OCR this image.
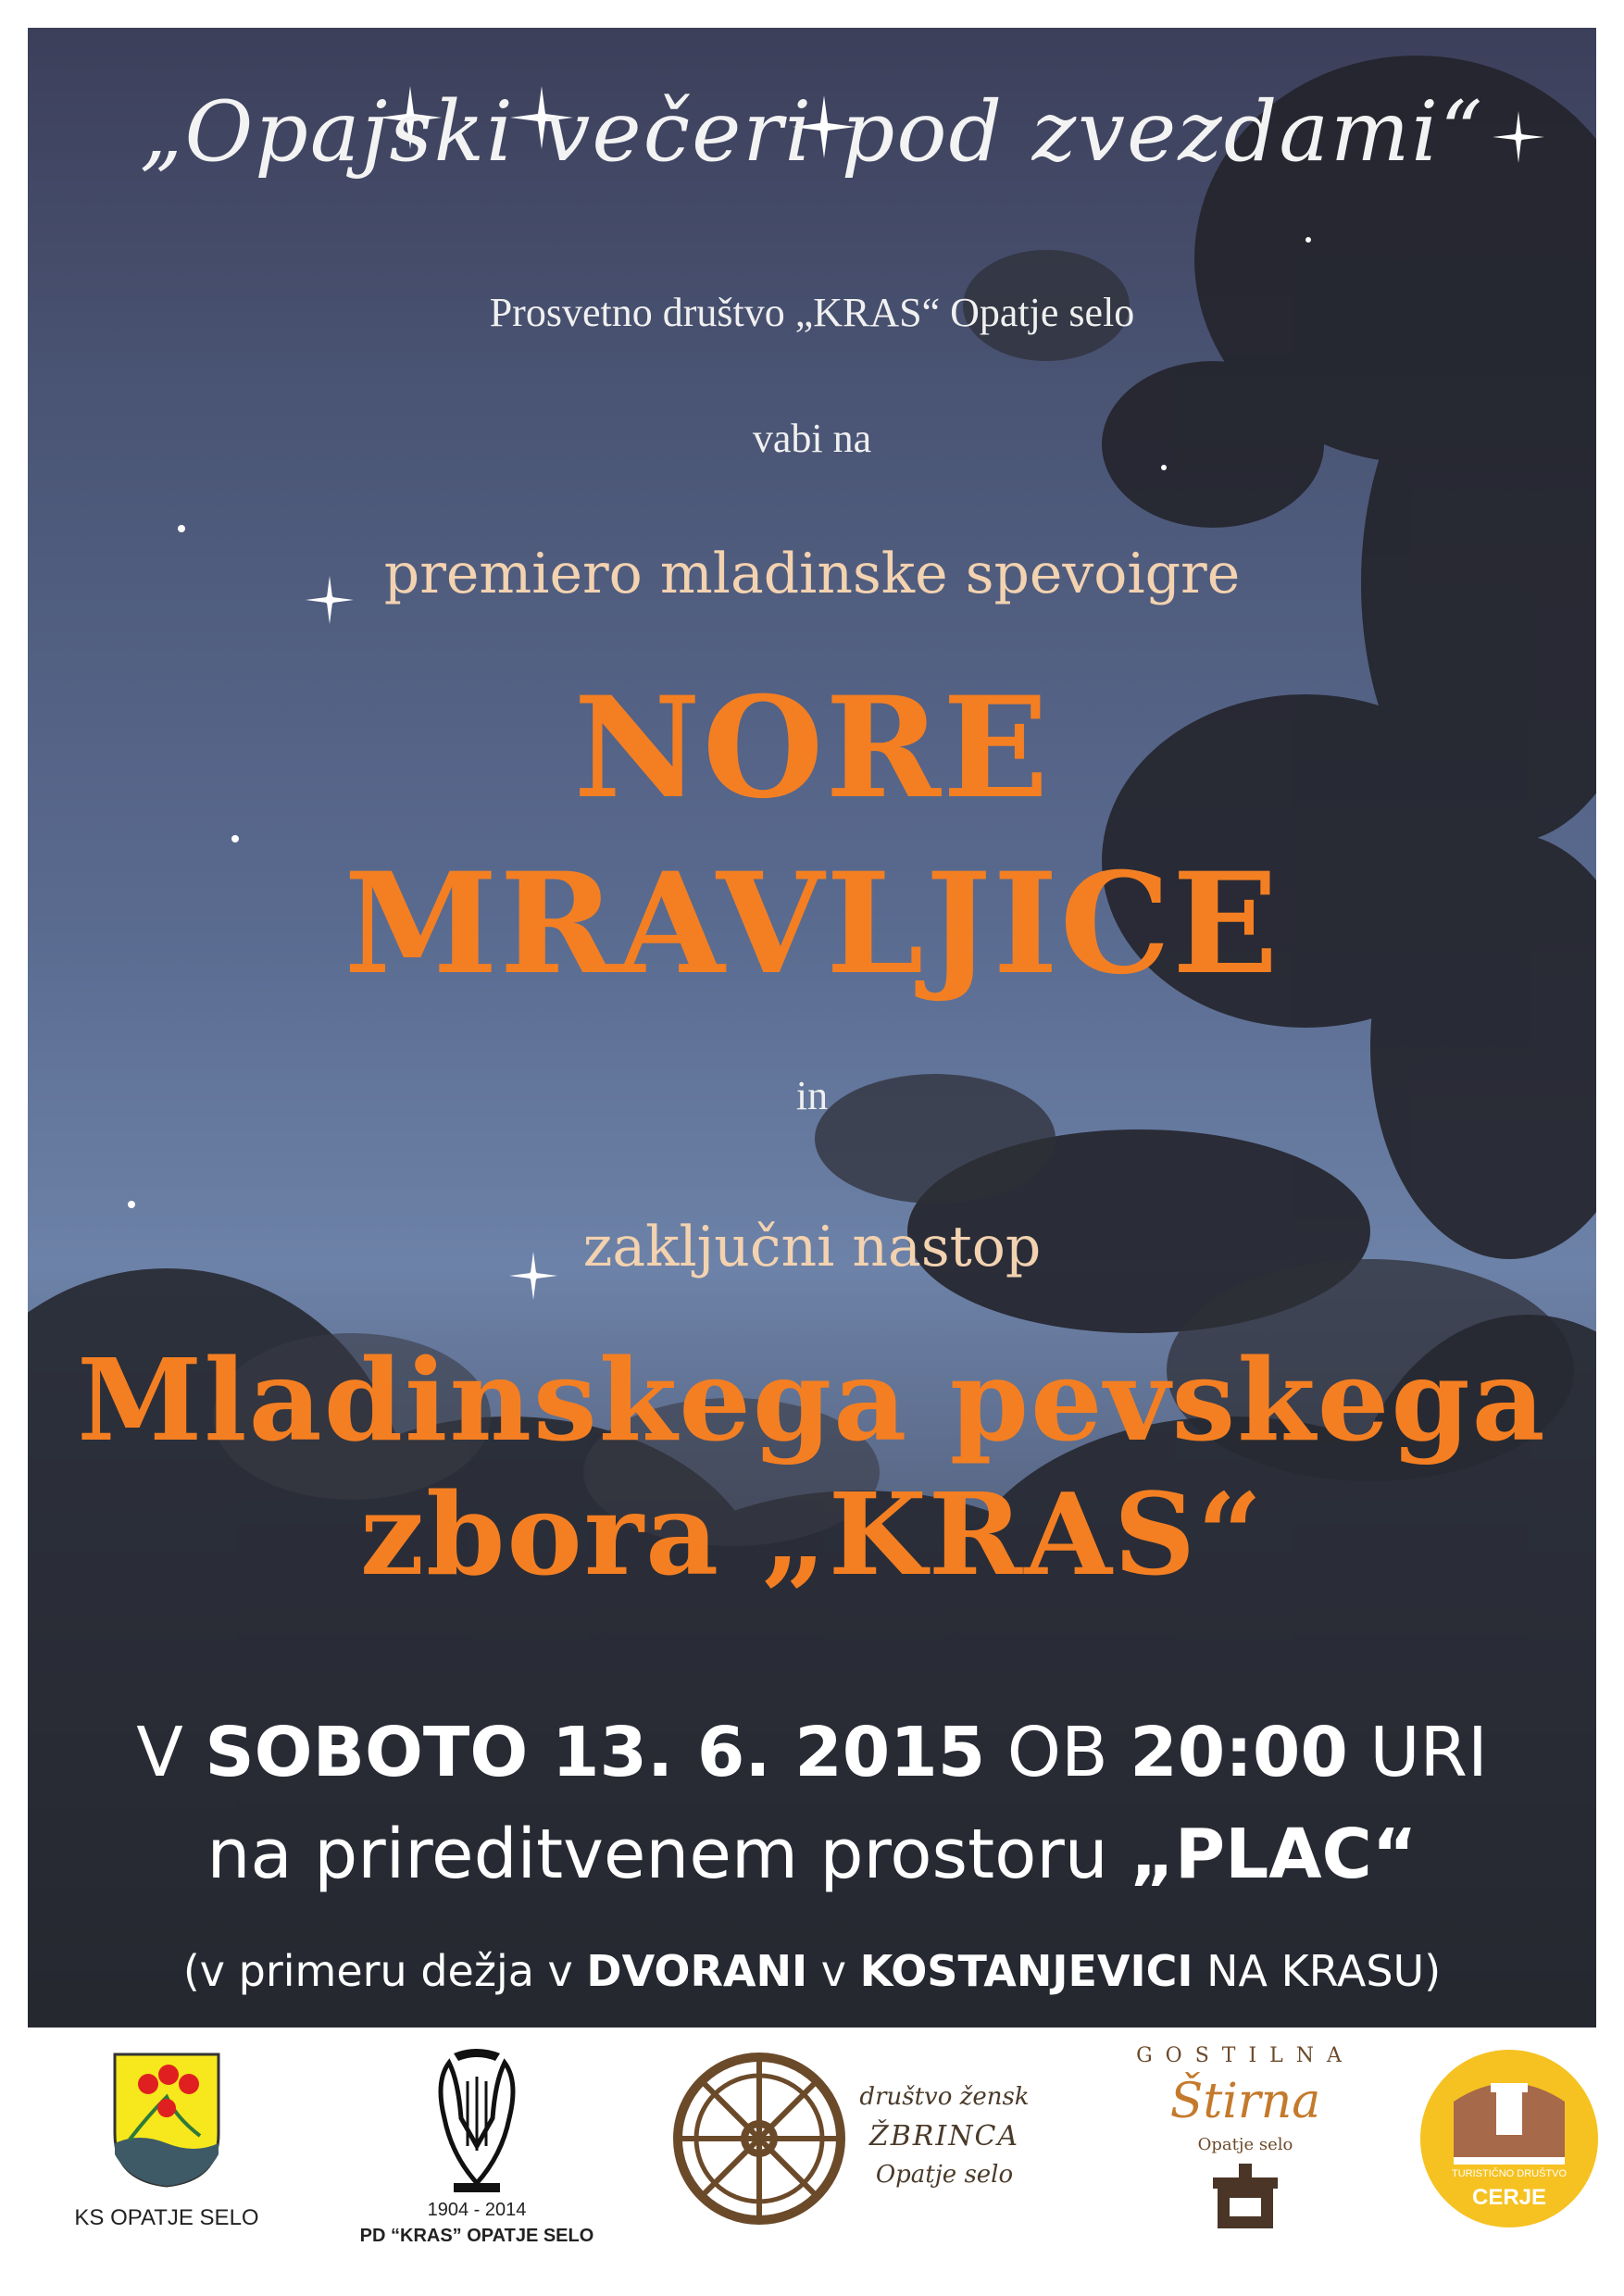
„Opajski večeri pod zvezdami“
Prosvetno društvo „KRAS“ Opatje selo
vabi na
premiero mladinske spevoigre
NORE
MRAVLJICE
in
zaključni nastop
Mladinskega pevskega
zbora „KRAS“
V SOBOTO 13. 6. 2015 OB 20:00 URI
na prireditvenem prostoru „PLAC“
(v primeru dežja v DVORANI v KOSTANJEVICI NA KRASU)
KS OPATJE SELO	1904 - 2014
PD “KRAS” OPATJE SELO
društvo žensk
ŽBRINCA
Opatje selo
GOSTILNA
Štirna
Opatje selo
TURISTIČNO DRUŠTVO
CERJE
